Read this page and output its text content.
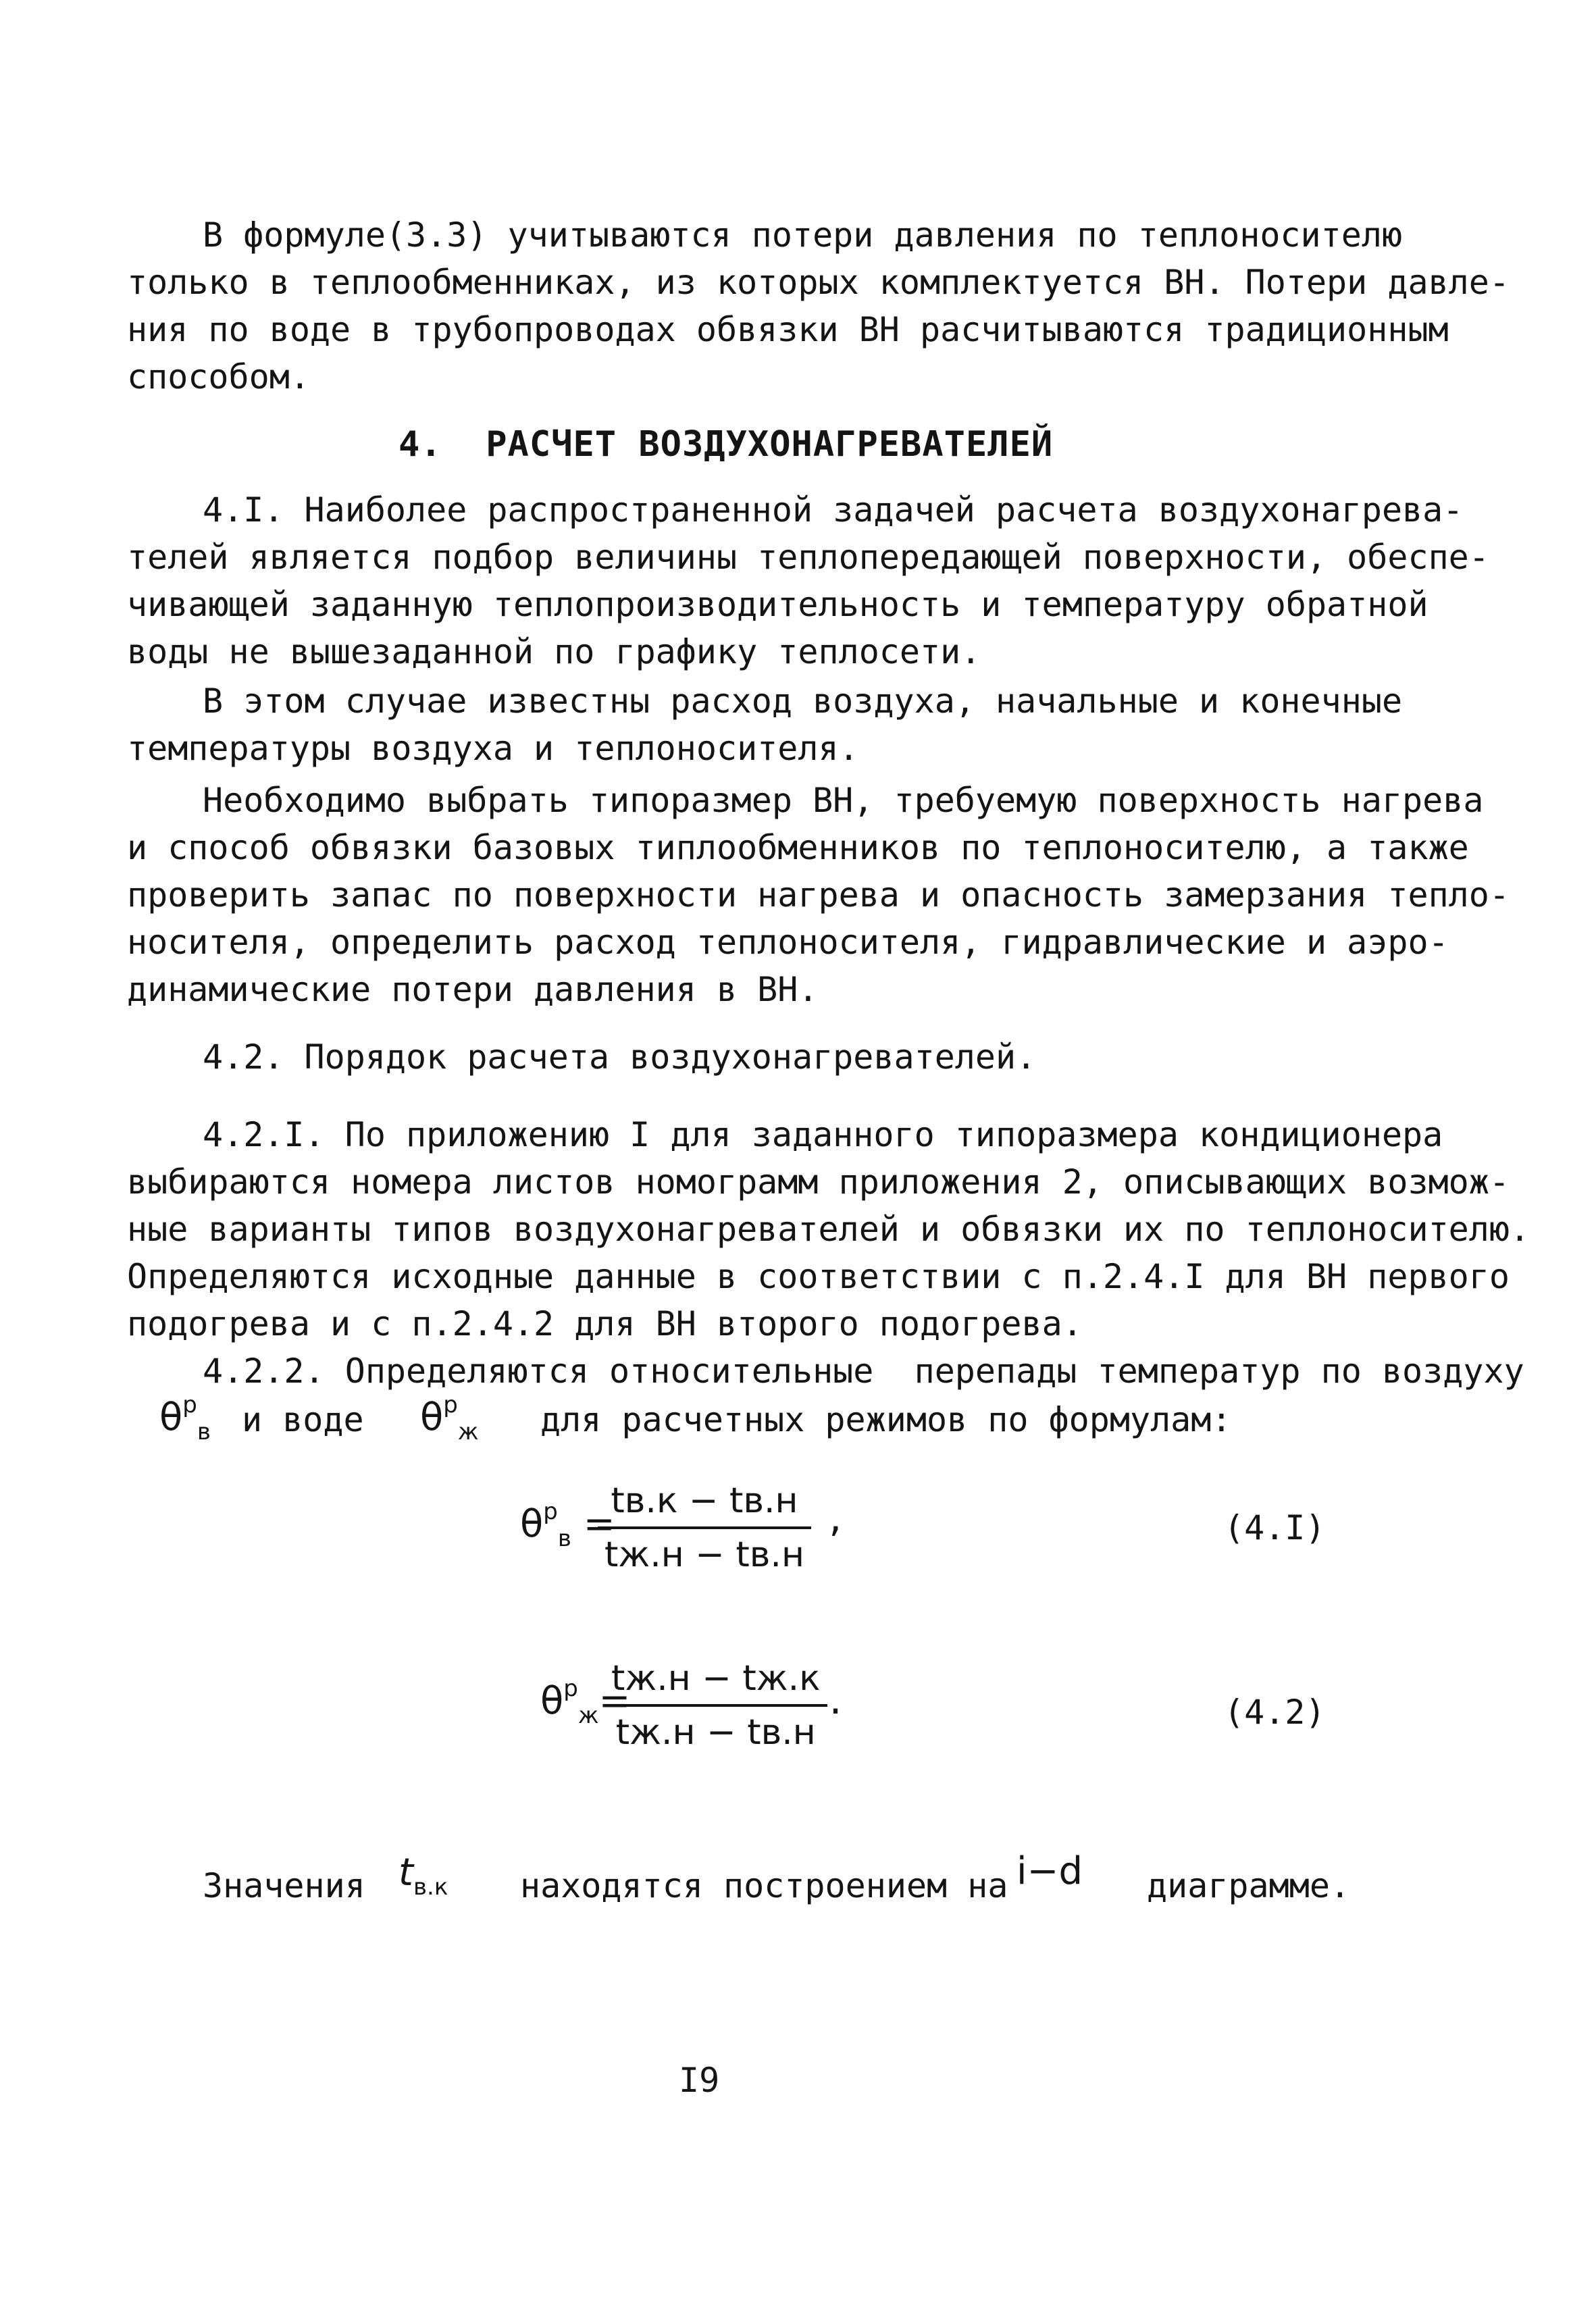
В формуле(3.3) учитываются потери давления по теплоносителю

только в теплообменниках, из которых комплектуется ВН. Потери давле-

ния по воде в трубопроводах обвязки ВН расчитываются традиционным

способом.

4.  РАСЧЕТ ВОЗДУХОНАГРЕВАТЕЛЕЙ

4.I. Наиболее распространенной задачей расчета воздухонагрева-

телей является подбор величины теплопередающей поверхности, обеспе-

чивающей заданную теплопроизводительность и температуру обратной

воды не вышезаданной по графику теплосети.

В этом случае известны расход воздуха, начальные и конечные

температуры воздуха и теплоносителя.

Необходимо выбрать типоразмер ВН, требуемую поверхность нагрева

и способ обвязки базовых типлообменников по теплоносителю, а также

проверить запас по поверхности нагрева и опасность замерзания тепло-

носителя, определить расход теплоносителя, гидравлические и аэро-

динамические потери давления в ВН.

4.2. Порядок расчета воздухонагревателей.

4.2.I. По приложению I для заданного типоразмера кондиционера

выбираются номера листов номограмм приложения 2, описывающих возмож-

ные варианты типов воздухонагревателей и обвязки их по теплоносителю.

Определяются исходные данные в соответствии с п.2.4.I для ВН первого

подогрева и с п.2.4.2 для ВН второго подогрева.

4.2.2. Определяются относительные  перепады температур по воздуху

θрв и воде θрж для расчетных режимов по формулам:
θрв =
tв.к − tв.н
tж.н − tв.н
,	(4.I)
θрж=
tж.н − tж.к
tж.н − tв.н
.	(4.2)
Значения tв.к находятся построением на i−d диаграмме.
I9
